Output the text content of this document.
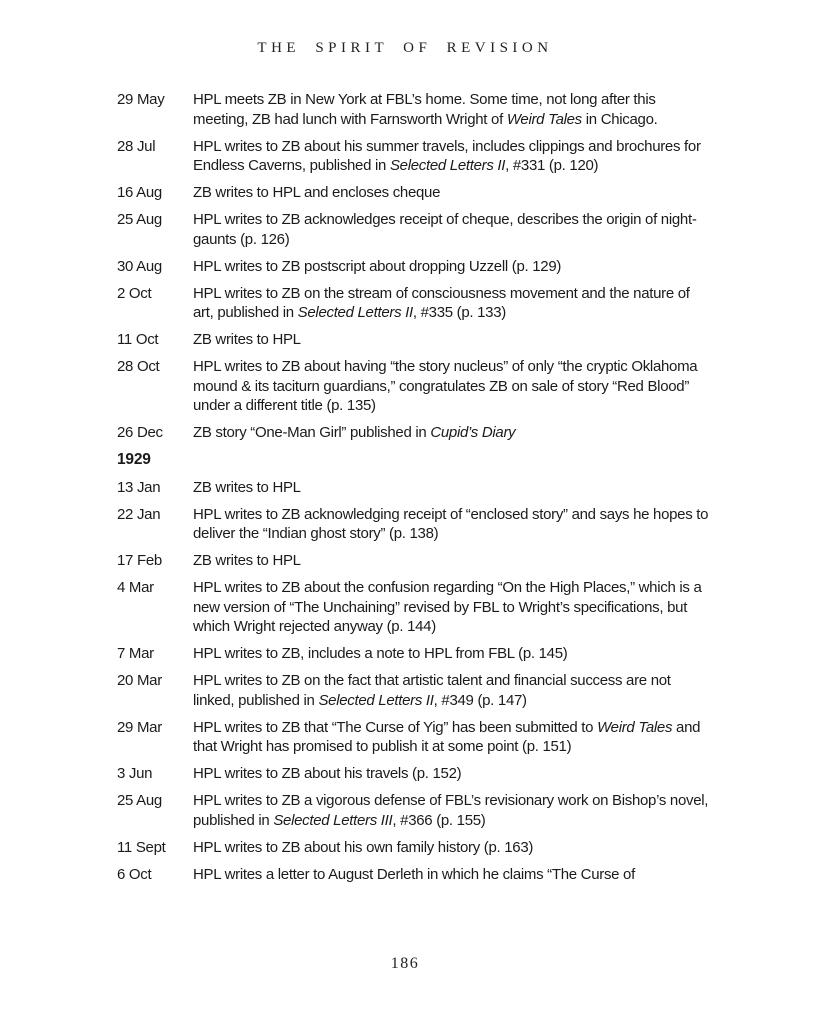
THE SPIRIT OF REVISION
29 May	HPL meets ZB in New York at FBL’s home. Some time, not long after this meeting, ZB had lunch with Farnsworth Wright of Weird Tales in Chicago.
28 Jul	HPL writes to ZB about his summer travels, includes clippings and brochures for Endless Caverns, published in Selected Letters II, #331 (p. 120)
16 Aug	ZB writes to HPL and encloses cheque
25 Aug	HPL writes to ZB acknowledges receipt of cheque, describes the origin of night-gaunts (p. 126)
30 Aug	HPL writes to ZB postscript about dropping Uzzell (p. 129)
2 Oct	HPL writes to ZB on the stream of consciousness movement and the nature of art, published in Selected Letters II, #335 (p. 133)
11 Oct	ZB writes to HPL
28 Oct	HPL writes to ZB about having “the story nucleus” of only “the cryptic Oklahoma mound & its taciturn guardians,” congratulates ZB on sale of story “Red Blood” under a different title (p. 135)
26 Dec	ZB story “One-Man Girl” published in Cupid’s Diary
1929
13 Jan	ZB writes to HPL
22 Jan	HPL writes to ZB acknowledging receipt of “enclosed story” and says he hopes to deliver the “Indian ghost story” (p. 138)
17 Feb	ZB writes to HPL
4 Mar	HPL writes to ZB about the confusion regarding “On the High Places,” which is a new version of “The Unchaining” revised by FBL to Wright’s specifications, but which Wright rejected anyway (p. 144)
7 Mar	HPL writes to ZB, includes a note to HPL from FBL (p. 145)
20 Mar	HPL writes to ZB on the fact that artistic talent and financial success are not linked, published in Selected Letters II, #349 (p. 147)
29 Mar	HPL writes to ZB that “The Curse of Yig” has been submitted to Weird Tales and that Wright has promised to publish it at some point (p. 151)
3 Jun	HPL writes to ZB about his travels (p. 152)
25 Aug	HPL writes to ZB a vigorous defense of FBL’s revisionary work on Bishop’s novel, published in Selected Letters III, #366 (p. 155)
11 Sept	HPL writes to ZB about his own family history (p. 163)
6 Oct	HPL writes a letter to August Derleth in which he claims “The Curse of
186
